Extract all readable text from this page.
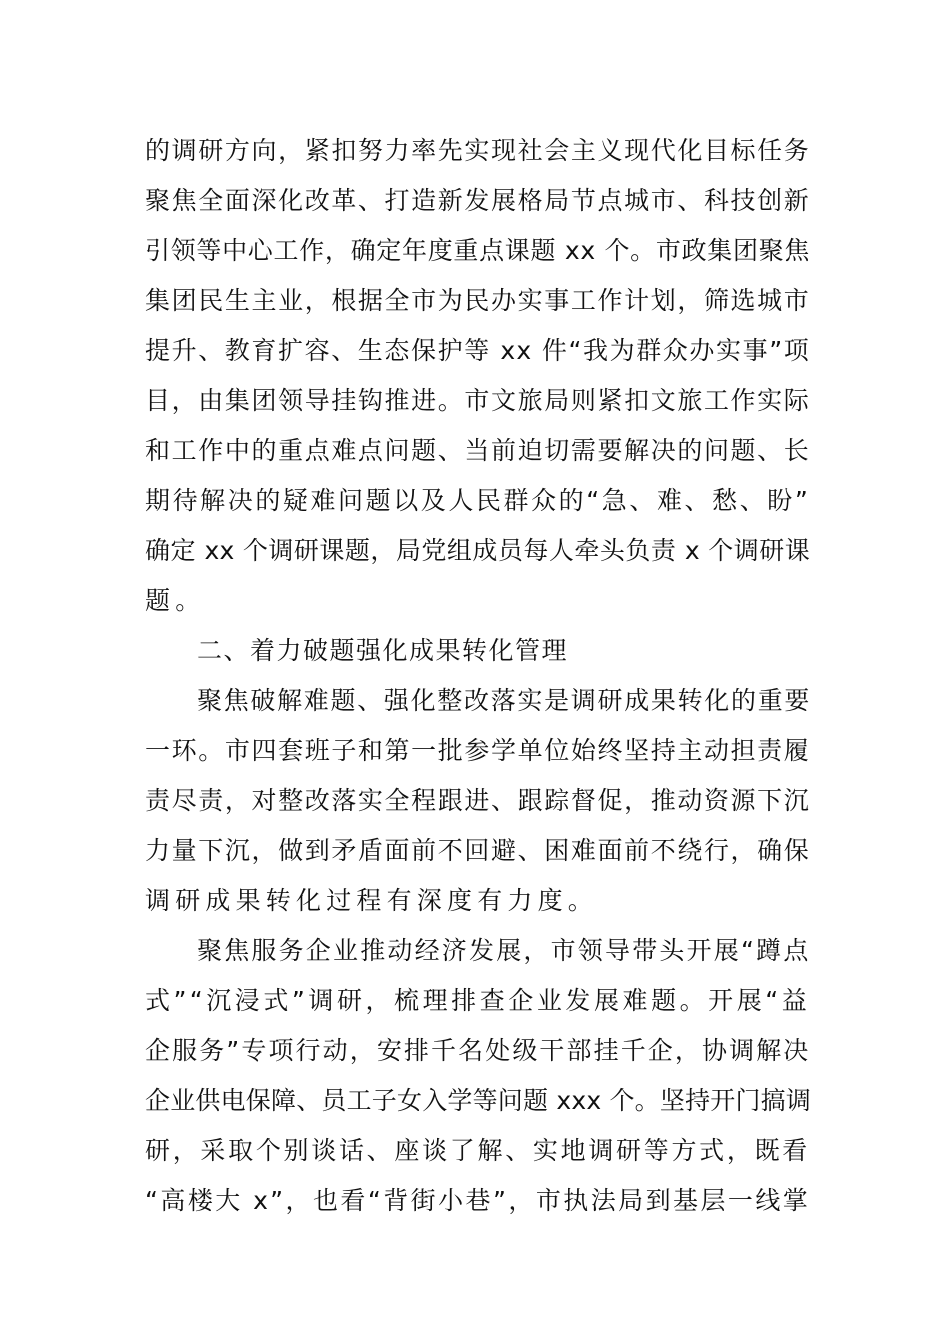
的调研方向，紧扣努力率先实现社会主义现代化目标任务
聚焦全面深化改革、打造新发展格局节点城市、科技创新
引领等中心工作，确定年度重点课题 xx 个。市政集团聚焦
集团民生主业，根据全市为民办实事工作计划，筛选城市
提升、教育扩容、生态保护等 xx 件“我为群众办实事”项
目，由集团领导挂钩推进。市文旅局则紧扣文旅工作实际
和工作中的重点难点问题、当前迫切需要解决的问题、长
期待解决的疑难问题以及人民群众的“急、难、愁、盼”
确定 xx 个调研课题，局党组成员每人牵头负责 x 个调研课
题。
二、着力破题强化成果转化管理
聚焦破解难题、强化整改落实是调研成果转化的重要
一环。市四套班子和第一批参学单位始终坚持主动担责履
责尽责，对整改落实全程跟进、跟踪督促，推动资源下沉
力量下沉，做到矛盾面前不回避、困难面前不绕行，确保
调研成果转化过程有深度有力度。
聚焦服务企业推动经济发展，市领导带头开展“蹲点
式”“沉浸式”调研，梳理排查企业发展难题。开展“益
企服务”专项行动，安排千名处级干部挂千企，协调解决
企业供电保障、员工子女入学等问题 xxx 个。坚持开门搞调
研，采取个别谈话、座谈了解、实地调研等方式，既看
“高楼大 x”，也看“背街小巷”，市执法局到基层一线掌
